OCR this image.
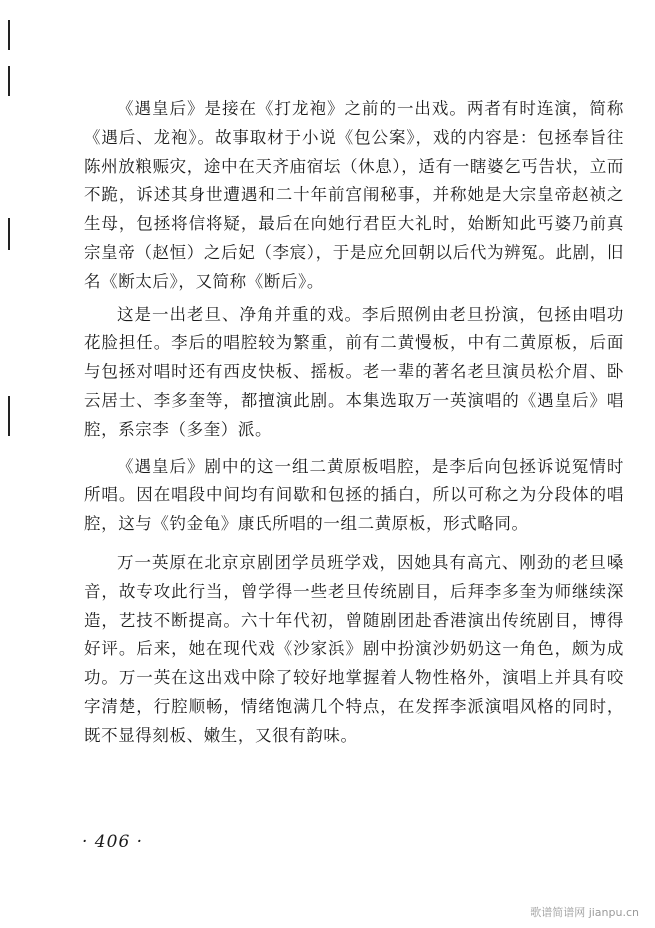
《遇皇后》是接在《打龙袍》之前的一出戏。两者有时连演，简称《遇后、龙袍》。故事取材于小说《包公案》，戏的内容是：包拯奉旨往陈州放粮赈灾，途中在天齐庙宿坛（休息），适有一瞎婆乞丐告状，立而不跪，诉述其身世遭遇和二十年前宫闱秘事，并称她是大宗皇帝赵祯之生母，包拯将信将疑，最后在向她行君臣大礼时，始断知此丐婆乃前真宗皇帝（赵恒）之后妃（李宸），于是应允回朝以后代为辨冤。此剧，旧名《断太后》，又简称《断后》。

这是一出老旦、净角并重的戏。李后照例由老旦扮演，包拯由唱功花脸担任。李后的唱腔较为繁重，前有二黄慢板，中有二黄原板，后面与包拯对唱时还有西皮快板、摇板。老一辈的著名老旦演员松介眉、卧云居士、李多奎等，都擅演此剧。本集选取万一英演唱的《遇皇后》唱腔，系宗李（多奎）派。

《遇皇后》剧中的这一组二黄原板唱腔，是李后向包拯诉说冤情时所唱。因在唱段中间均有间歇和包拯的插白，所以可称之为分段体的唱腔，这与《钓金龟》康氏所唱的一组二黄原板，形式略同。

万一英原在北京京剧团学员班学戏，因她具有高亢、刚劲的老旦嗓音，故专攻此行当，曾学得一些老旦传统剧目，后拜李多奎为师继续深造，艺技不断提高。六十年代初，曾随剧团赴香港演出传统剧目，博得好评。后来，她在现代戏《沙家浜》剧中扮演沙奶奶这一角色，颇为成功。万一英在这出戏中除了较好地掌握着人物性格外，演唱上并具有咬字清楚，行腔顺畅，情绪饱满几个特点，在发挥李派演唱风格的同时，既不显得刻板、嫩生，又很有韵味。

· 406 ·
歌谱简谱网 jianpu.cn
